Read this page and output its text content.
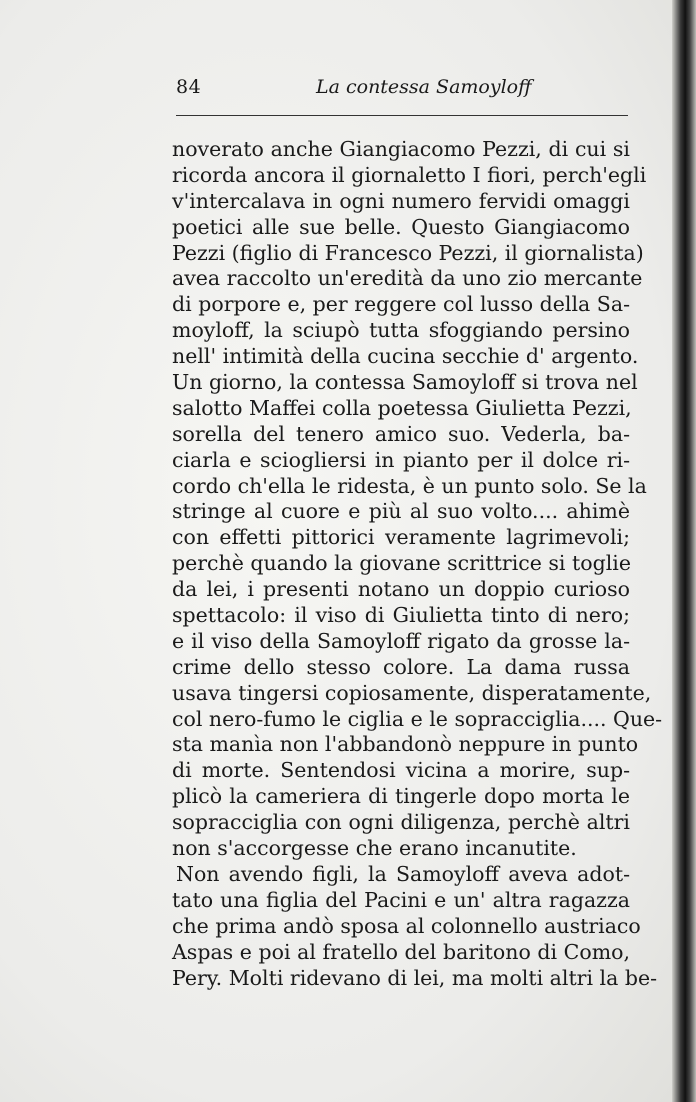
84	La contessa Samoyloff
noverato anche Giangiacomo Pezzi, di cui si
ricorda ancora il giornaletto I fiori, perch'egli
v'intercalava in ogni numero fervidi omaggi
poetici alle sue belle. Questo Giangiacomo
Pezzi (figlio di Francesco Pezzi, il giornalista)
avea raccolto un'eredità da uno zio mercante
di porpore e, per reggere col lusso della Sa-
moyloff, la sciupò tutta sfoggiando persino
nell' intimità della cucina secchie d' argento.
Un giorno, la contessa Samoyloff si trova nel
salotto Maffei colla poetessa Giulietta Pezzi,
sorella del tenero amico suo. Vederla, ba-
ciarla e sciogliersi in pianto per il dolce ri-
cordo ch'ella le ridesta, è un punto solo. Se la
stringe al cuore e più al suo volto.... ahimè
con effetti pittorici veramente lagrimevoli;
perchè quando la giovane scrittrice si toglie
da lei, i presenti notano un doppio curioso
spettacolo: il viso di Giulietta tinto di nero;
e il viso della Samoyloff rigato da grosse la-
crime dello stesso colore. La dama russa
usava tingersi copiosamente, disperatamente,
col nero-fumo le ciglia e le sopracciglia.... Que-
sta manìa non l'abbandonò neppure in punto
di morte. Sentendosi vicina a morire, sup-
plicò la cameriera di tingerle dopo morta le
sopracciglia con ogni diligenza, perchè altri
non s'accorgesse che erano incanutite.
Non avendo figli, la Samoyloff aveva adot-
tato una figlia del Pacini e un' altra ragazza
che prima andò sposa al colonnello austriaco
Aspas e poi al fratello del baritono di Como,
Pery. Molti ridevano di lei, ma molti altri la be-
